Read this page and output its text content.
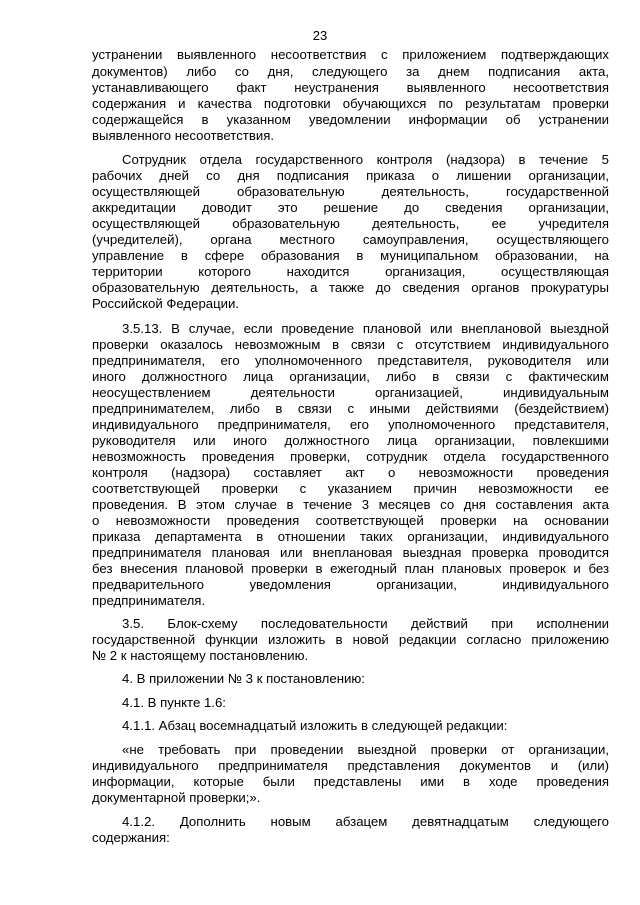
23
устранении выявленного несоответствия с приложением подтверждающих
документов) либо со дня, следующего за днем подписания акта,
устанавливающего факт неустранения выявленного несоответствия
содержания и качества подготовки обучающихся по результатам проверки
содержащейся в указанном уведомлении информации об устранении
выявленного несоответствия.
Сотрудник отдела государственного контроля (надзора) в течение 5
рабочих дней со дня подписания приказа о лишении организации,
осуществляющей образовательную деятельность, государственной
аккредитации доводит это решение до сведения организации,
осуществляющей образовательную деятельность, ее учредителя
(учредителей), органа местного самоуправления, осуществляющего
управление в сфере образования в муниципальном образовании, на
территории которого находится организация, осуществляющая
образовательную деятельность, а также до сведения органов прокуратуры
Российской Федерации.
3.5.13. В случае, если проведение плановой или внеплановой выездной
проверки оказалось невозможным в связи с отсутствием индивидуального
предпринимателя, его уполномоченного представителя, руководителя или
иного должностного лица организации, либо в связи с фактическим
неосуществлением деятельности организацией, индивидуальным
предпринимателем, либо в связи с иными действиями (бездействием)
индивидуального предпринимателя, его уполномоченного представителя,
руководителя или иного должностного лица организации, повлекшими
невозможность проведения проверки, сотрудник отдела государственного
контроля (надзора) составляет акт о невозможности проведения
соответствующей проверки с указанием причин невозможности ее
проведения. В этом случае в течение 3 месяцев со дня составления акта
о невозможности проведения соответствующей проверки на основании
приказа департамента в отношении таких организации, индивидуального
предпринимателя плановая или внеплановая выездная проверка проводится
без внесения плановой проверки в ежегодный план плановых проверок и без
предварительного уведомления организации, индивидуального
предпринимателя.
3.5. Блок-схему последовательности действий при исполнении
государственной функции изложить в новой редакции согласно приложению
№ 2 к настоящему постановлению.
4. В приложении № 3 к постановлению:
4.1. В пункте 1.6:
4.1.1. Абзац восемнадцатый изложить в следующей редакции:
«не требовать при проведении выездной проверки от организации,
индивидуального предпринимателя представления документов и (или)
информации, которые были представлены ими в ходе проведения
документарной проверки;».
4.1.2. Дополнить новым абзацем девятнадцатым следующего
содержания:
